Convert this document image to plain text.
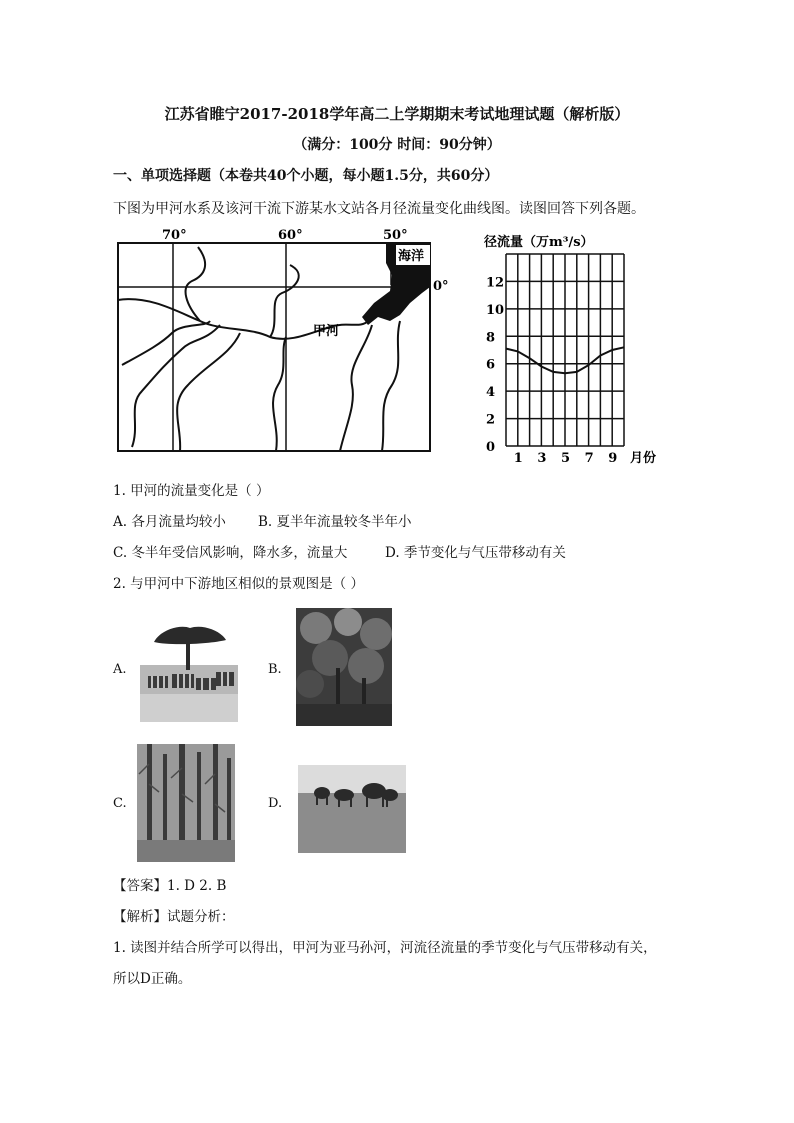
江苏省睢宁2017-2018学年高二上学期期末考试地理试题（解析版）
（满分：100分 时间：90分钟）
一、单项选择题（本卷共40个小题，每小题1.5分，共60分）
下图为甲河水系及该河干流下游某水文站各月径流量变化曲线图。读图回答下列各题。
70°	60°	50°
0°
海洋
甲河
径流量（万m³/s）
0
2
4
6
8
10
12
1 3 5 7 9 月份
1. 甲河的流量变化是（ ）
A. 各月流量均较小 B. 夏半年流量较冬半年小
C. 冬半年受信风影响，降水多，流量大	D. 季节变化与气压带移动有关
2. 与甲河中下游地区相似的景观图是（ ）
A.	B.
C.	D.
【答案】1. D 2. B
【解析】试题分析：
1. 读图并结合所学可以得出，甲河为亚马孙河，河流径流量的季节变化与气压带移动有关，
所以D正确。
